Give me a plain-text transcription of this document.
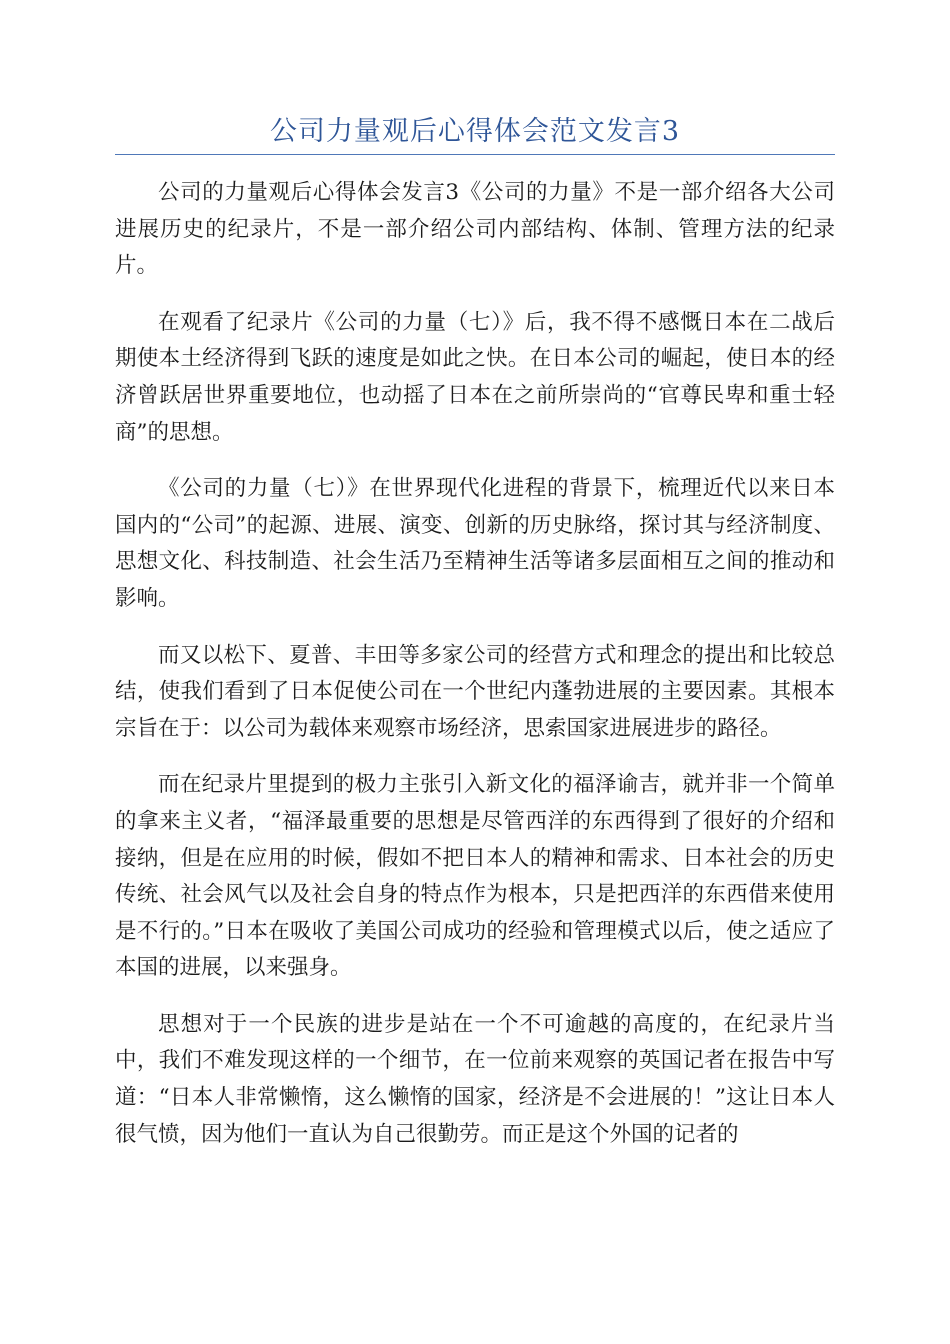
公司力量观后心得体会范文发言3

公司的力量观后心得体会发言3《公司的力量》不是一部介绍各大公司进展历史的纪录片，不是一部介绍公司内部结构、体制、管理方法的纪录片。

在观看了纪录片《公司的力量（七）》后，我不得不感慨日本在二战后期使本土经济得到飞跃的速度是如此之快。在日本公司的崛起，使日本的经济曾跃居世界重要地位，也动摇了日本在之前所崇尚的“官尊民卑和重士轻商”的思想。

《公司的力量（七）》在世界现代化进程的背景下，梳理近代以来日本国内的“公司”的起源、进展、演变、创新的历史脉络，探讨其与经济制度、思想文化、科技制造、社会生活乃至精神生活等诸多层面相互之间的推动和影响。

而又以松下、夏普、丰田等多家公司的经营方式和理念的提出和比较总结，使我们看到了日本促使公司在一个世纪内蓬勃进展的主要因素。其根本宗旨在于：以公司为载体来观察市场经济，思索国家进展进步的路径。

而在纪录片里提到的极力主张引入新文化的福泽谕吉，就并非一个简单的拿来主义者，“福泽最重要的思想是尽管西洋的东西得到了很好的介绍和接纳，但是在应用的时候，假如不把日本人的精神和需求、日本社会的历史传统、社会风气以及社会自身的特点作为根本，只是把西洋的东西借来使用是不行的。”日本在吸收了美国公司成功的经验和管理模式以后，使之适应了本国的进展，以来强身。

思想对于一个民族的进步是站在一个不可逾越的高度的，在纪录片当中，我们不难发现这样的一个细节，在一位前来观察的英国记者在报告中写道：“日本人非常懒惰，这么懒惰的国家，经济是不会进展的！”这让日本人很气愤，因为他们一直认为自己很勤劳。而正是这个外国的记者的
